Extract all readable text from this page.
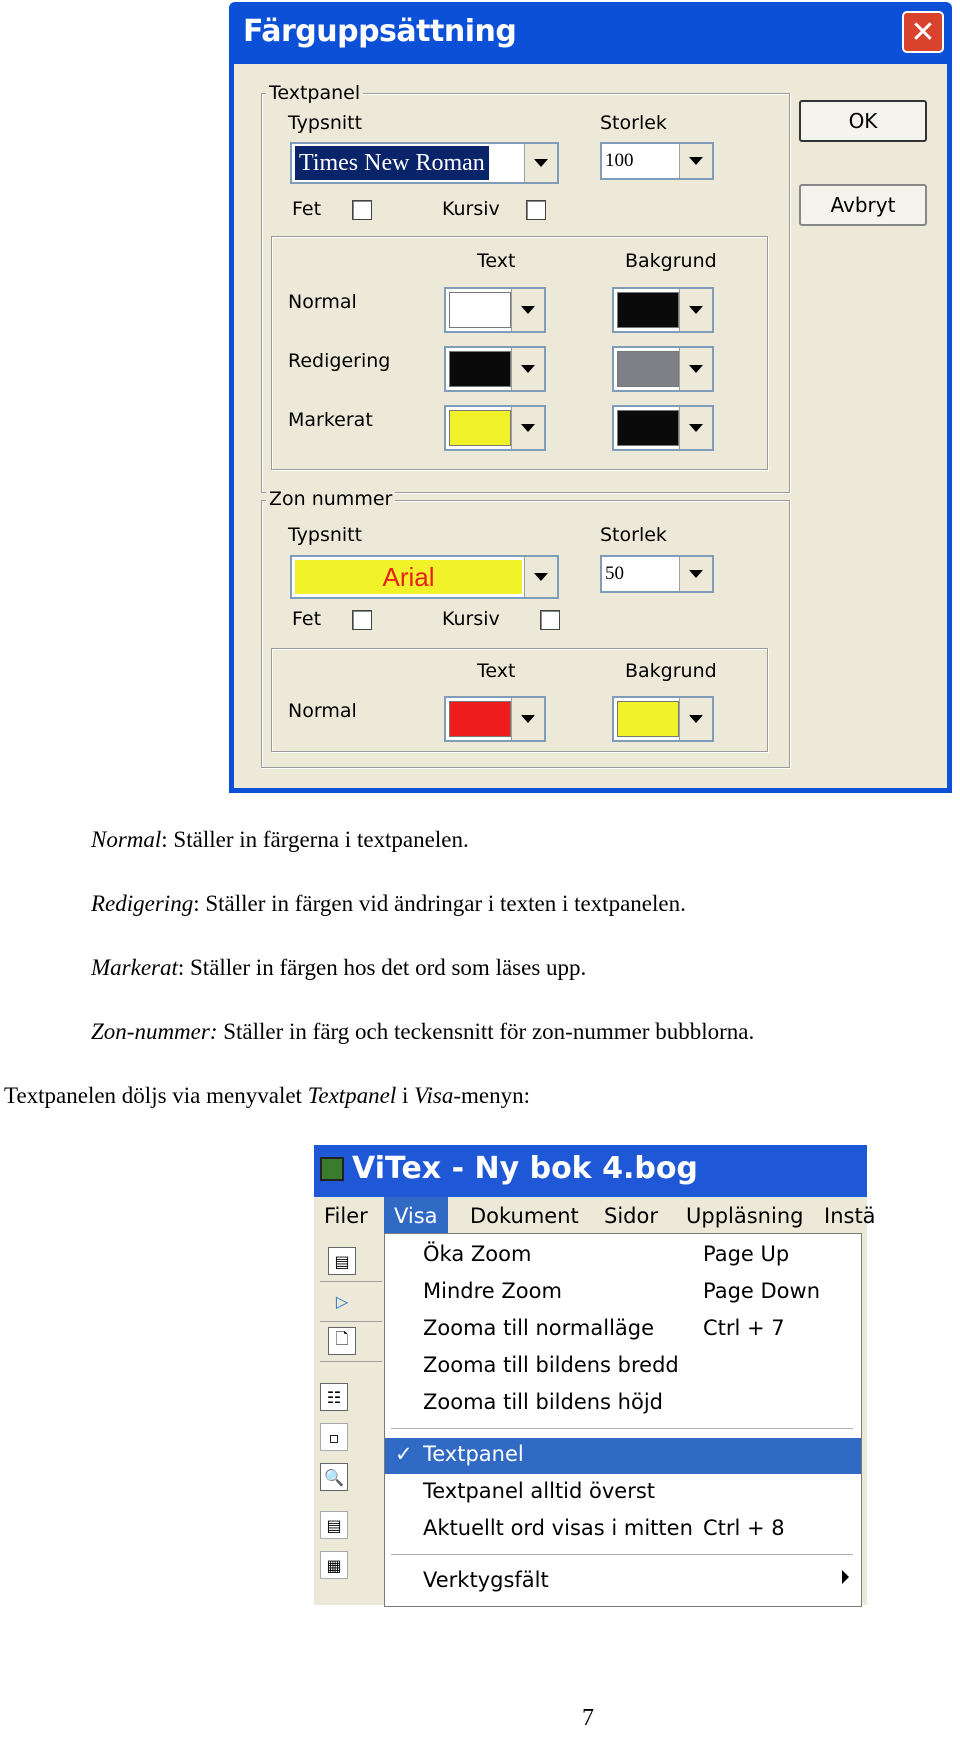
Färguppsättning	✕
Textpanel
Typsnitt
Times New Roman
Storlek
100
Fet	Kursiv
Text	Bakgrund
Normal
Redigering
Markerat
Zon nummer
Typsnitt
Arial
Storlek
50
Fet	Kursiv
Text	Bakgrund
Normal
OK
Avbryt
Normal: Ställer in färgerna i textpanelen.
Redigering: Ställer in färgen vid ändringar i texten i textpanelen.
Markerat: Ställer in färgen hos det ord som läses upp.
Zon-nummer: Ställer in färg och teckensnitt för zon-nummer bubblorna.
Textpanelen döljs via menyvalet Textpanel i Visa-menyn:
ViTex - Ny bok 4.bog
Filer	Visa	Dokument	Sidor	Uppläsning Instä
▤
▷
🗋
☷
▫
🔍
▤
▦
Öka Zoom	Page Up
Mindre Zoom	Page Down
Zooma till normalläge Ctrl + 7
Zooma till bildens bredd
Zooma till bildens höjd
✓ Textpanel
Textpanel alltid överst
Aktuellt ord visas i mitten Ctrl + 8
Verktygsfält
7
